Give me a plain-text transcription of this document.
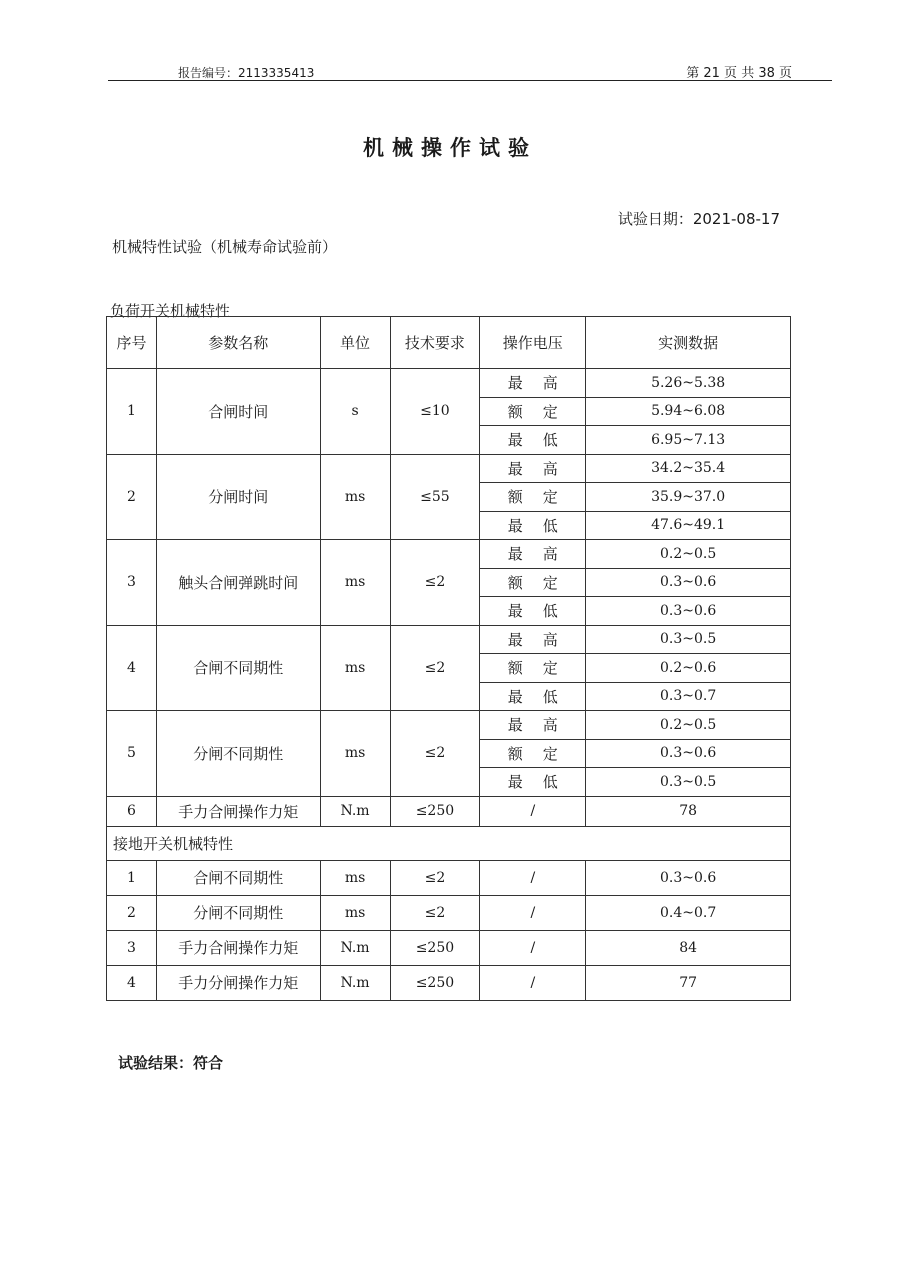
报告编号：2113335413	第 21 页 共 38 页
机械操作试验
试验日期：2021-08-17
机械特性试验（机械寿命试验前）
负荷开关机械特性
序号	参数名称	单位	技术要求	操作电压	实测数据
1	合闸时间	s	≤10	最高	5.26~5.38
				额定	5.94~6.08
				最低	6.95~7.13
2	分闸时间	ms	≤55	最高	34.2~35.4
				额定	35.9~37.0
				最低	47.6~49.1
3	触头合闸弹跳时间	ms	≤2	最高	0.2~0.5
				额定	0.3~0.6
				最低	0.3~0.6
4	合闸不同期性	ms	≤2	最高	0.3~0.5
				额定	0.2~0.6
				最低	0.3~0.7
5	分闸不同期性	ms	≤2	最高	0.2~0.5
				额定	0.3~0.6
				最低	0.3~0.5
6	手力合闸操作力矩	N.m	≤250	/	78
接地开关机械特性					
1	合闸不同期性	ms	≤2	/	0.3~0.6
2	分闸不同期性	ms	≤2	/	0.4~0.7
3	手力合闸操作力矩	N.m	≤250	/	84
4	手力分闸操作力矩	N.m	≤250	/	77
试验结果：符合
